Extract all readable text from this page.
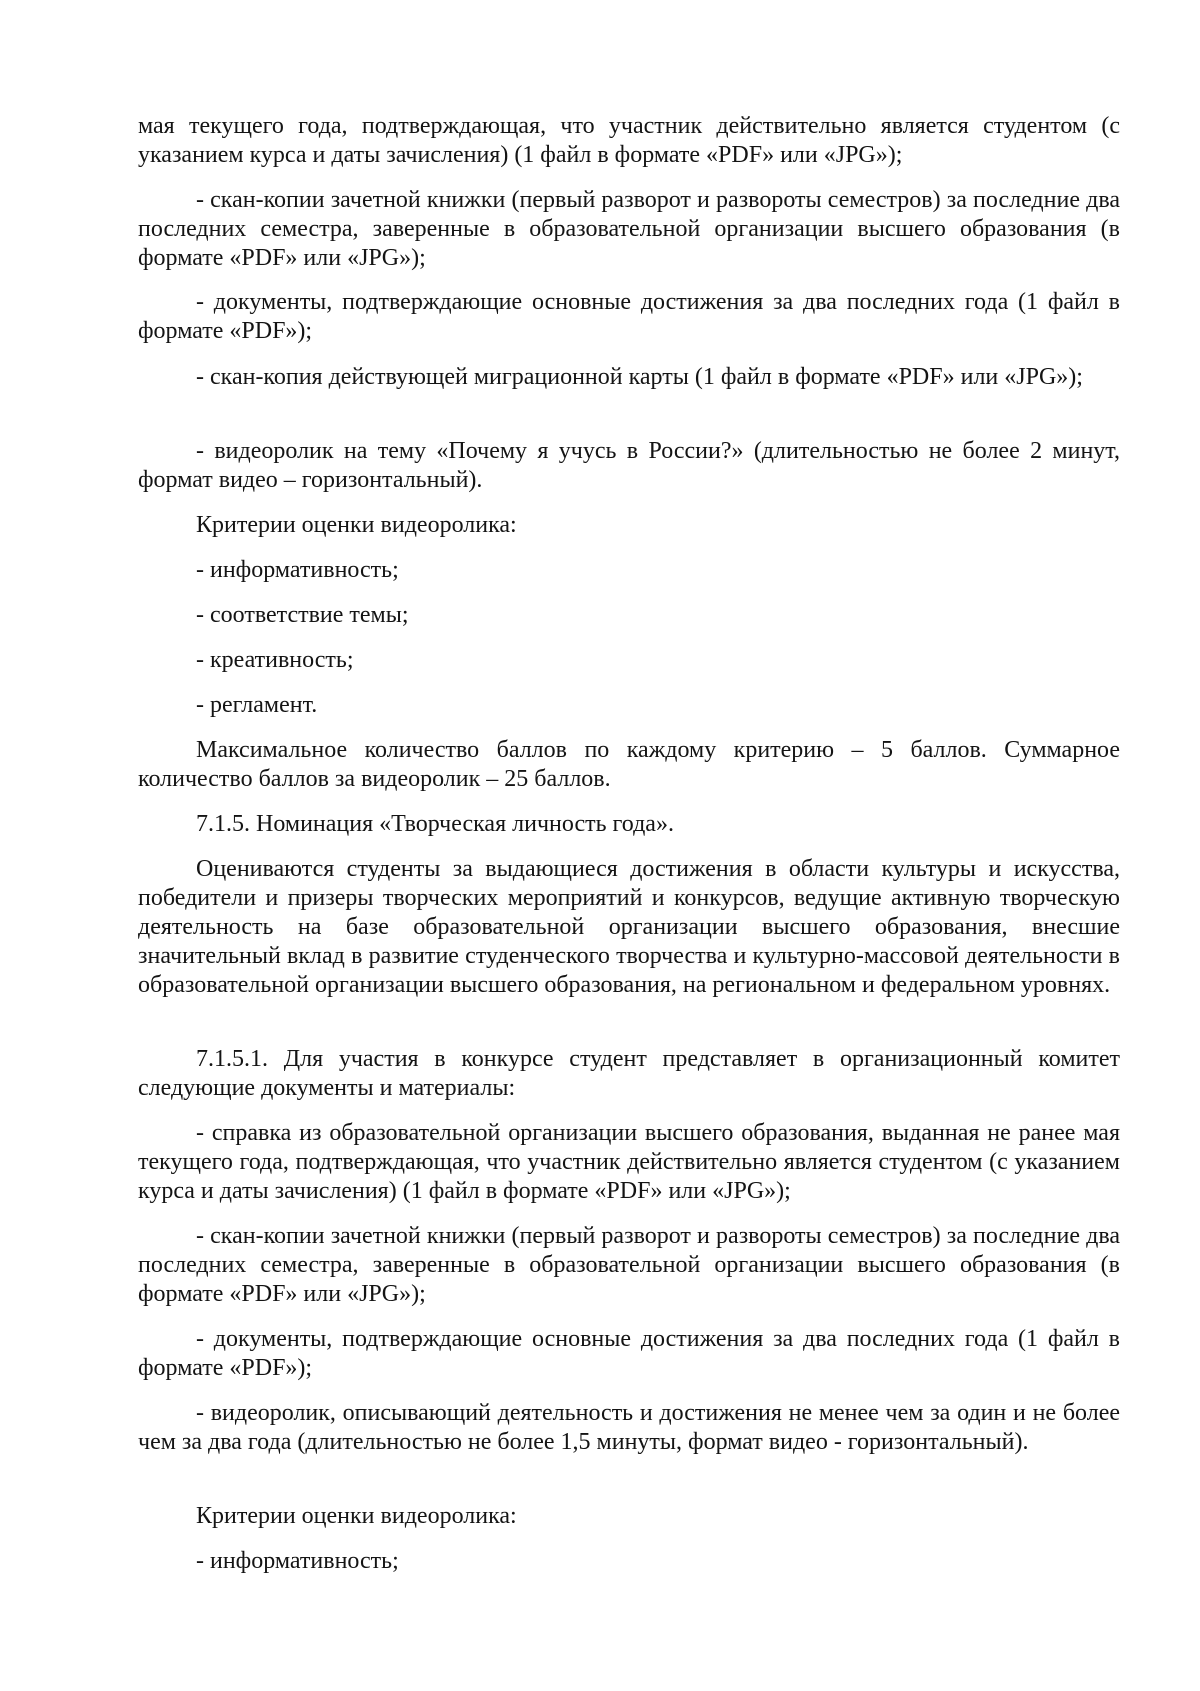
мая текущего года, подтверждающая, что участник действительно является студентом (с указанием курса и даты зачисления) (1 файл в формате «PDF» или «JPG»);

- скан-копии зачетной книжки (первый разворот и развороты семестров) за последние два последних семестра, заверенные в образовательной организации высшего образования (в формате «PDF» или «JPG»);

- документы, подтверждающие основные достижения за два последних года (1 файл в формате «PDF»);

- скан-копия действующей миграционной карты (1 файл в формате «PDF» или «JPG»);

- видеоролик на тему «Почему я учусь в России?» (длительностью не более 2 минут, формат видео – горизонтальный).

Критерии оценки видеоролика:

- информативность;

- соответствие темы;

- креативность;

- регламент.

Максимальное количество баллов по каждому критерию – 5 баллов. Суммарное количество баллов за видеоролик – 25 баллов.

7.1.5. Номинация «Творческая личность года».

Оцениваются студенты за выдающиеся достижения в области культуры и искусства, победители и призеры творческих мероприятий и конкурсов, ведущие активную творческую деятельность на базе образовательной организации высшего образования, внесшие значительный вклад в развитие студенческого творчества и культурно-массовой деятельности в образовательной организации высшего образования, на региональном и федеральном уровнях.

7.1.5.1. Для участия в конкурсе студент представляет в организационный комитет следующие документы и материалы:

- справка из образовательной организации высшего образования, выданная не ранее мая текущего года, подтверждающая, что участник действительно является студентом (с указанием курса и даты зачисления) (1 файл в формате «PDF» или «JPG»);

- скан-копии зачетной книжки (первый разворот и развороты семестров) за последние два последних семестра, заверенные в образовательной организации высшего образования (в формате «PDF» или «JPG»);

- документы, подтверждающие основные достижения за два последних года (1 файл в формате «PDF»);

- видеоролик, описывающий деятельность и достижения не менее чем за один и не более чем за два года (длительностью не более 1,5 минуты, формат видео - горизонтальный).

Критерии оценки видеоролика:

- информативность;
